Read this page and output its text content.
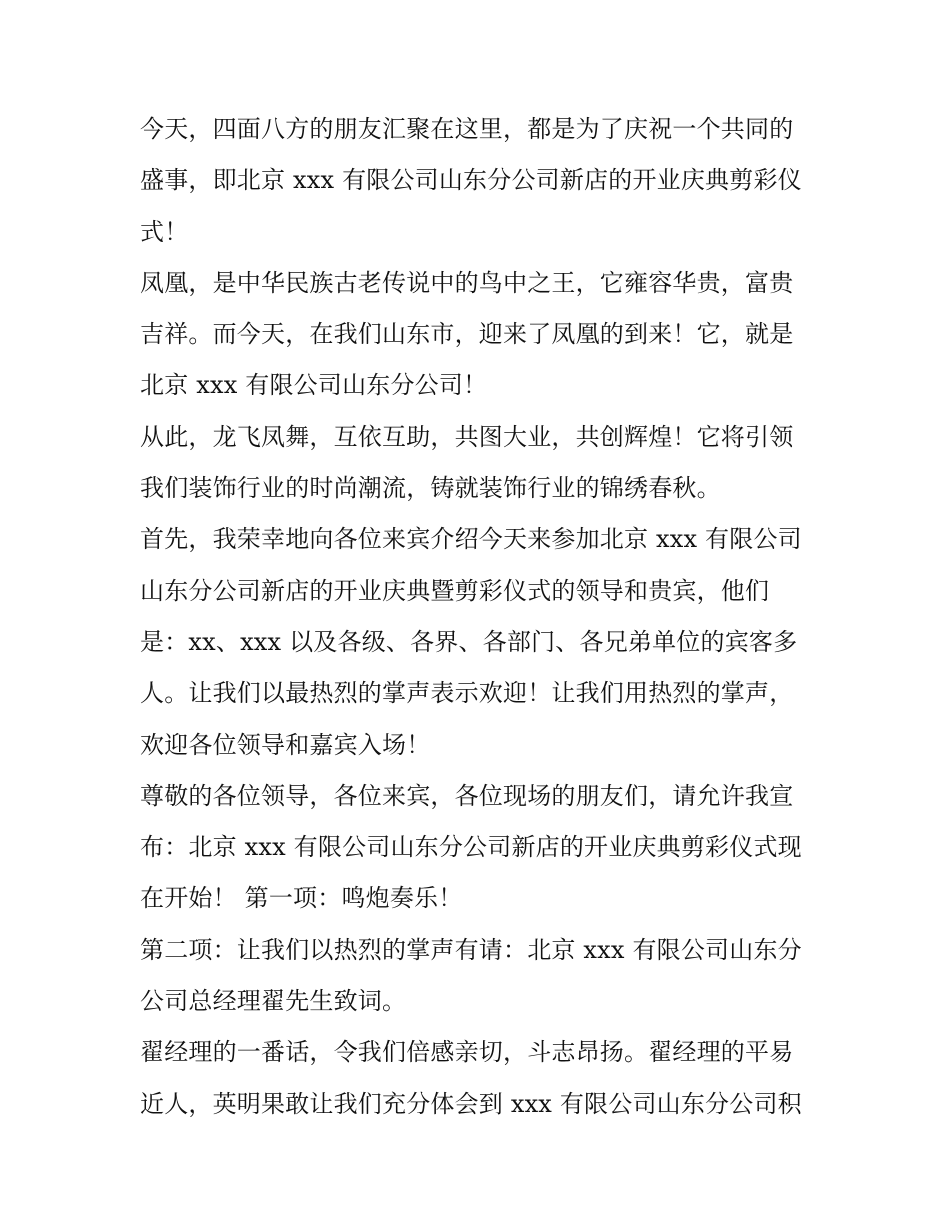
今天，四面八方的朋友汇聚在这里，都是为了庆祝一个共同的
盛事，即北京 xxx 有限公司山东分公司新店的开业庆典剪彩仪
式！
凤凰，是中华民族古老传说中的鸟中之王，它雍容华贵，富贵
吉祥。而今天，在我们山东市，迎来了凤凰的到来！它，就是
北京 xxx 有限公司山东分公司！
从此，龙飞凤舞，互依互助，共图大业，共创辉煌！它将引领
我们装饰行业的时尚潮流，铸就装饰行业的锦绣春秋。
首先，我荣幸地向各位来宾介绍今天来参加北京 xxx 有限公司
山东分公司新店的开业庆典暨剪彩仪式的领导和贵宾，他们
是：xx、xxx 以及各级、各界、各部门、各兄弟单位的宾客多
人。让我们以最热烈的掌声表示欢迎！让我们用热烈的掌声，
欢迎各位领导和嘉宾入场！
尊敬的各位领导，各位来宾，各位现场的朋友们，请允许我宣
布：北京 xxx 有限公司山东分公司新店的开业庆典剪彩仪式现
在开始！ 第一项：鸣炮奏乐！
第二项：让我们以热烈的掌声有请：北京 xxx 有限公司山东分
公司总经理翟先生致词。
翟经理的一番话，令我们倍感亲切，斗志昂扬。翟经理的平易
近人，英明果敢让我们充分体会到 xxx 有限公司山东分公司积
